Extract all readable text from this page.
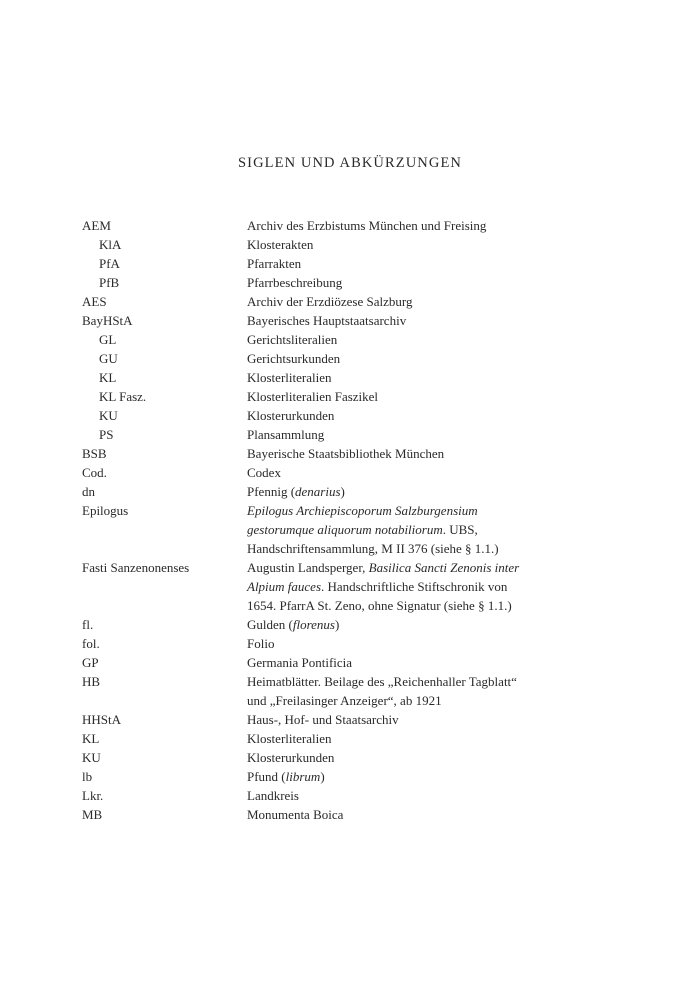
SIGLEN UND ABKÜRZUNGEN
AEM	Archiv des Erzbistums München und Freising
KlA	Klosterakten
PfA	Pfarrakten
PfB	Pfarrbeschreibung
AES	Archiv der Erzdiözese Salzburg
BayHStA	Bayerisches Hauptstaatsarchiv
GL	Gerichtsliteralien
GU	Gerichtsurkunden
KL	Klosterliteralien
KL Fasz.	Klosterliteralien Faszikel
KU	Klosterurkunden
PS	Plansammlung
BSB	Bayerische Staatsbibliothek München
Cod.	Codex
dn	Pfennig (denarius)
Epilogus	Epilogus Archiepiscoporum Salzburgensium
gestorumque aliquorum notabiliorum. UBS,
Handschriftensammlung, M II 376 (siehe § 1.1.)
Fasti Sanzenonenses	Augustin Landsperger, Basilica Sancti Zenonis inter
Alpium fauces. Handschriftliche Stiftschronik von
1654. PfarrA St. Zeno, ohne Signatur (siehe § 1.1.)
fl.	Gulden (florenus)
fol.	Folio
GP	Germania Pontificia
HB	Heimatblätter. Beilage des „Reichenhaller Tagblatt“
und „Freilasinger Anzeiger“, ab 1921
HHStA	Haus-, Hof- und Staatsarchiv
KL	Klosterliteralien
KU	Klosterurkunden
lb	Pfund (librum)
Lkr.	Landkreis
MB	Monumenta Boica
